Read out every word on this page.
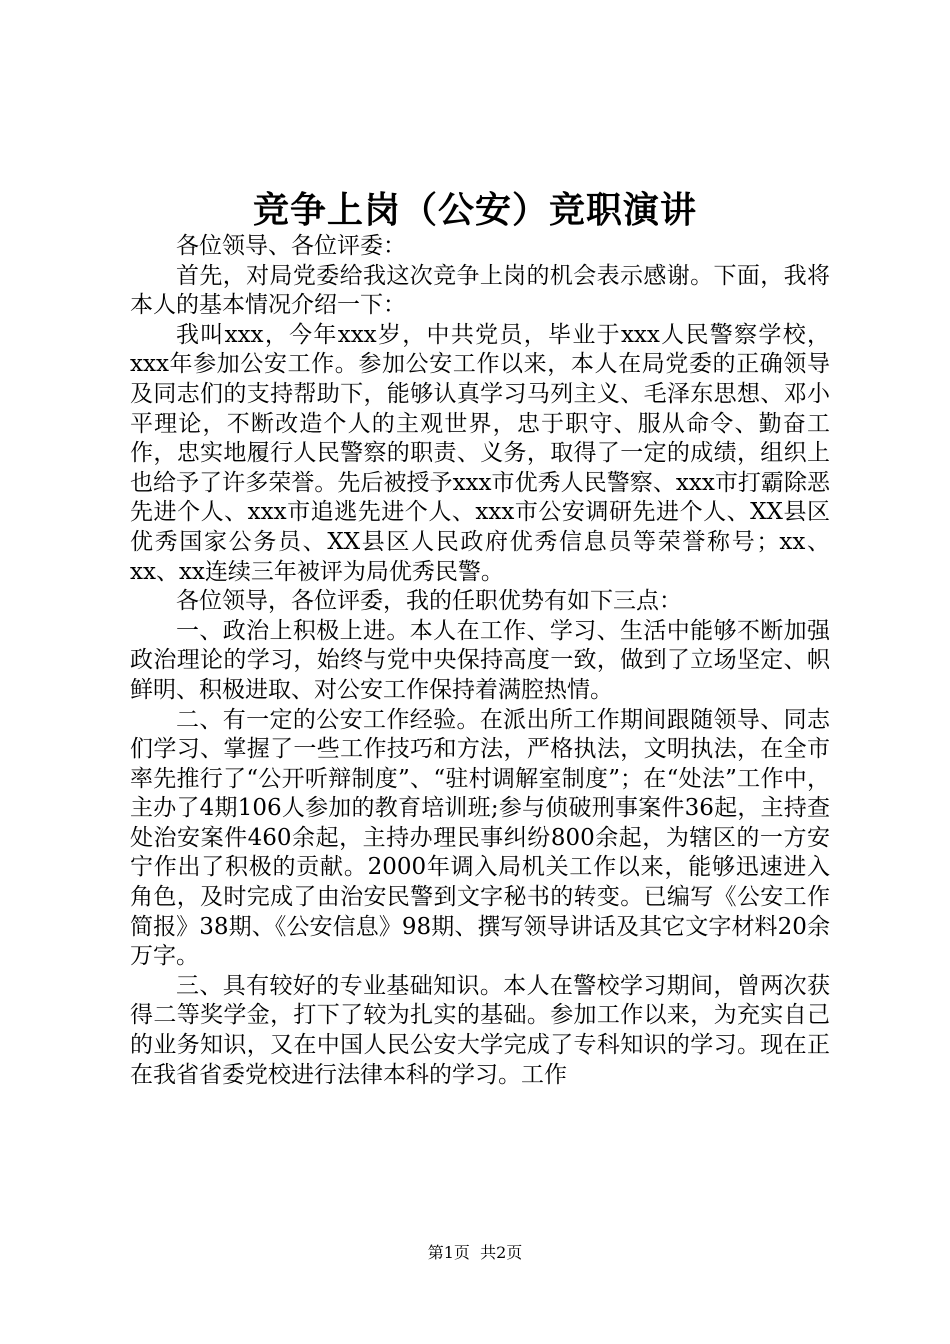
竞争上岗（公安）竞职演讲

各位领导、各位评委：

首先，对局党委给我这次竞争上岗的机会表示感谢。下面，我将本人的基本情况介绍一下：

我叫xxx，今年xxx岁，中共党员，毕业于xxx人民警察学校，xxx年参加公安工作。参加公安工作以来，本人在局党委的正确领导及同志们的支持帮助下，能够认真学习马列主义、毛泽东思想、邓小平理论，不断改造个人的主观世界，忠于职守、服从命令、勤奋工作，忠实地履行人民警察的职责、义务，取得了一定的成绩，组织上也给予了许多荣誉。先后被授予xxx市优秀人民警察、xxx市打霸除恶先进个人、xxx市追逃先进个人、xxx市公安调研先进个人、XX县区优秀国家公务员、XX县区人民政府优秀信息员等荣誉称号；xx、xx、xx连续三年被评为局优秀民警。

各位领导，各位评委，我的任职优势有如下三点：

一、政治上积极上进。本人在工作、学习、生活中能够不断加强政治理论的学习，始终与党中央保持高度一致，做到了立场坚定、帜鲜明、积极进取、对公安工作保持着满腔热情。

二、有一定的公安工作经验。在派出所工作期间跟随领导、同志们学习、掌握了一些工作技巧和方法，严格执法，文明执法，在全市率先推行了“公开听辩制度”、“驻村调解室制度”；在“处法”工作中，主办了4期106人参加的教育培训班;参与侦破刑事案件36起，主持查处治安案件460余起，主持办理民事纠纷800余起，为辖区的一方安宁作出了积极的贡献。2000年调入局机关工作以来，能够迅速进入角色，及时完成了由治安民警到文字秘书的转变。已编写《公安工作简报》38期、《公安信息》98期、撰写领导讲话及其它文字材料20余万字。

三、具有较好的专业基础知识。本人在警校学习期间，曾两次获得二等奖学金，打下了较为扎实的基础。参加工作以来，为充实自己的业务知识，又在中国人民公安大学完成了专科知识的学习。现在正在我省省委党校进行法律本科的学习。工作

第1页  共2页
